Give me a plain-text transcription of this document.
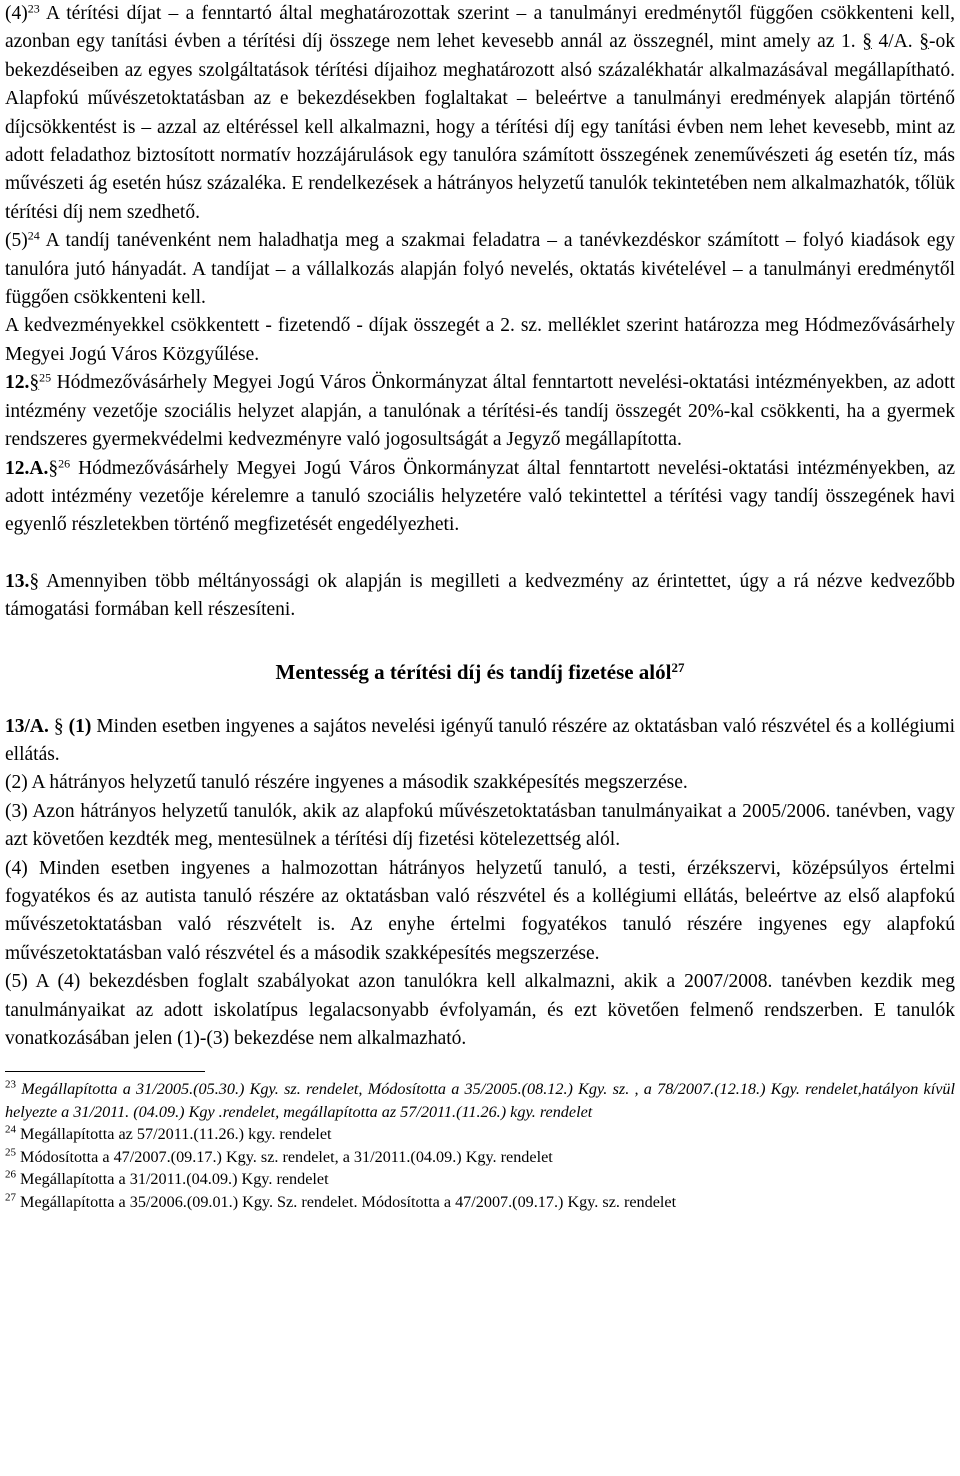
$(4)^{23}$ A térítési díjat – a fenntartó által meghatározottak szerint – a tanulmányi eredménytől függően csökkenteni kell, azonban egy tanítási évben a térítési díj összege nem lehet kevesebb annál az összegnél, mint amely az 1. § 4/A. §-ok bekezdéseiben az egyes szolgáltatások térítési díjaihoz meghatározott alsó százalékhatár alkalmazásával megállapítható. Alapfokú művészetoktatásban az e bekezdésekben foglaltakat – beleértve a tanulmányi eredmények alapján történő díjcsökkentést is – azzal az eltéréssel kell alkalmazni, hogy a térítési díj egy tanítási évben nem lehet kevesebb, mint az adott feladathoz biztosított normatív hozzájárulások egy tanulóra számított összegének zeneművészeti ág esetén tíz, más művészeti ág esetén húsz százaléka. E rendelkezések a hátrányos helyzetű tanulók tekintetében nem alkalmazhatók, tőlük térítési díj nem szedhető.

$(5)^{24}$ A tandíj tanévenként nem haladhatja meg a szakmai feladatra – a tanévkezdéskor számított – folyó kiadások egy tanulóra jutó hányadát. A tandíjat – a vállalkozás alapján folyó nevelés, oktatás kivételével – a tanulmányi eredménytől függően csökkenteni kell.

A kedvezményekkel csökkentett - fizetendő - díjak összegét a 2. sz. melléklet szerint határozza meg Hódmezővásárhely Megyei Jogú Város Közgyűlése.

12.§$^{25}$ Hódmezővásárhely Megyei Jogú Város Önkormányzat által fenntartott nevelési-oktatási intézményekben, az adott intézmény vezetője szociális helyzet alapján, a tanulónak a térítési-és tandíj összegét 20%-kal csökkenti, ha a gyermek rendszeres gyermekvédelmi kedvezményre való jogosultságát a Jegyző megállapította.

12.A.§$^{26}$ Hódmezővásárhely Megyei Jogú Város Önkormányzat által fenntartott nevelési-oktatási intézményekben, az adott intézmény vezetője kérelemre a tanuló szociális helyzetére való tekintettel a térítési vagy tandíj összegének havi egyenlő részletekben történő megfizetését engedélyezheti.

13.§ Amennyiben több méltányossági ok alapján is megilleti a kedvezmény az érintettet, úgy a rá nézve kedvezőbb támogatási formában kell részesíteni.

Mentesség a térítési díj és tandíj fizetése alól$^{27}$

13/A. § (1) Minden esetben ingyenes a sajátos nevelési igényű tanuló részére az oktatásban való részvétel és a kollégiumi ellátás.

(2) A hátrányos helyzetű tanuló részére ingyenes a második szakképesítés megszerzése.

(3) Azon hátrányos helyzetű tanulók, akik az alapfokú művészetoktatásban tanulmányaikat a 2005/2006. tanévben, vagy azt követően kezdték meg, mentesülnek a térítési díj fizetési kötelezettség alól.

(4) Minden esetben ingyenes a halmozottan hátrányos helyzetű tanuló, a testi, érzékszervi, középsúlyos értelmi fogyatékos és az autista tanuló részére az oktatásban való részvétel és a kollégiumi ellátás, beleértve az első alapfokú művészetoktatásban való részvételt is. Az enyhe értelmi fogyatékos tanuló részére ingyenes egy alapfokú művészetoktatásban való részvétel és a második szakképesítés megszerzése.

(5) A (4) bekezdésben foglalt szabályokat azon tanulókra kell alkalmazni, akik a 2007/2008. tanévben kezdik meg tanulmányaikat az adott iskolatípus legalacsonyabb évfolyamán, és ezt követően felmenő rendszerben. E tanulók vonatkozásában jelen (1)-(3) bekezdése nem alkalmazható.

$^{23}$ Megállapította a 31/2005.(05.30.) Kgy. sz. rendelet, Módosította a 35/2005.(08.12.) Kgy. sz. , a 78/2007.(12.18.) Kgy. rendelet,hatályon kívül helyezte a 31/2011. (04.09.) Kgy .rendelet, megállapította az 57/2011.(11.26.) kgy. rendelet

$^{24}$ Megállapította az 57/2011.(11.26.) kgy. rendelet

$^{25}$ Módosította a 47/2007.(09.17.) Kgy. sz. rendelet, a 31/2011.(04.09.) Kgy. rendelet

$^{26}$ Megállapította a 31/2011.(04.09.) Kgy. rendelet

$^{27}$ Megállapította a 35/2006.(09.01.) Kgy. Sz. rendelet. Módosította a 47/2007.(09.17.) Kgy. sz. rendelet
